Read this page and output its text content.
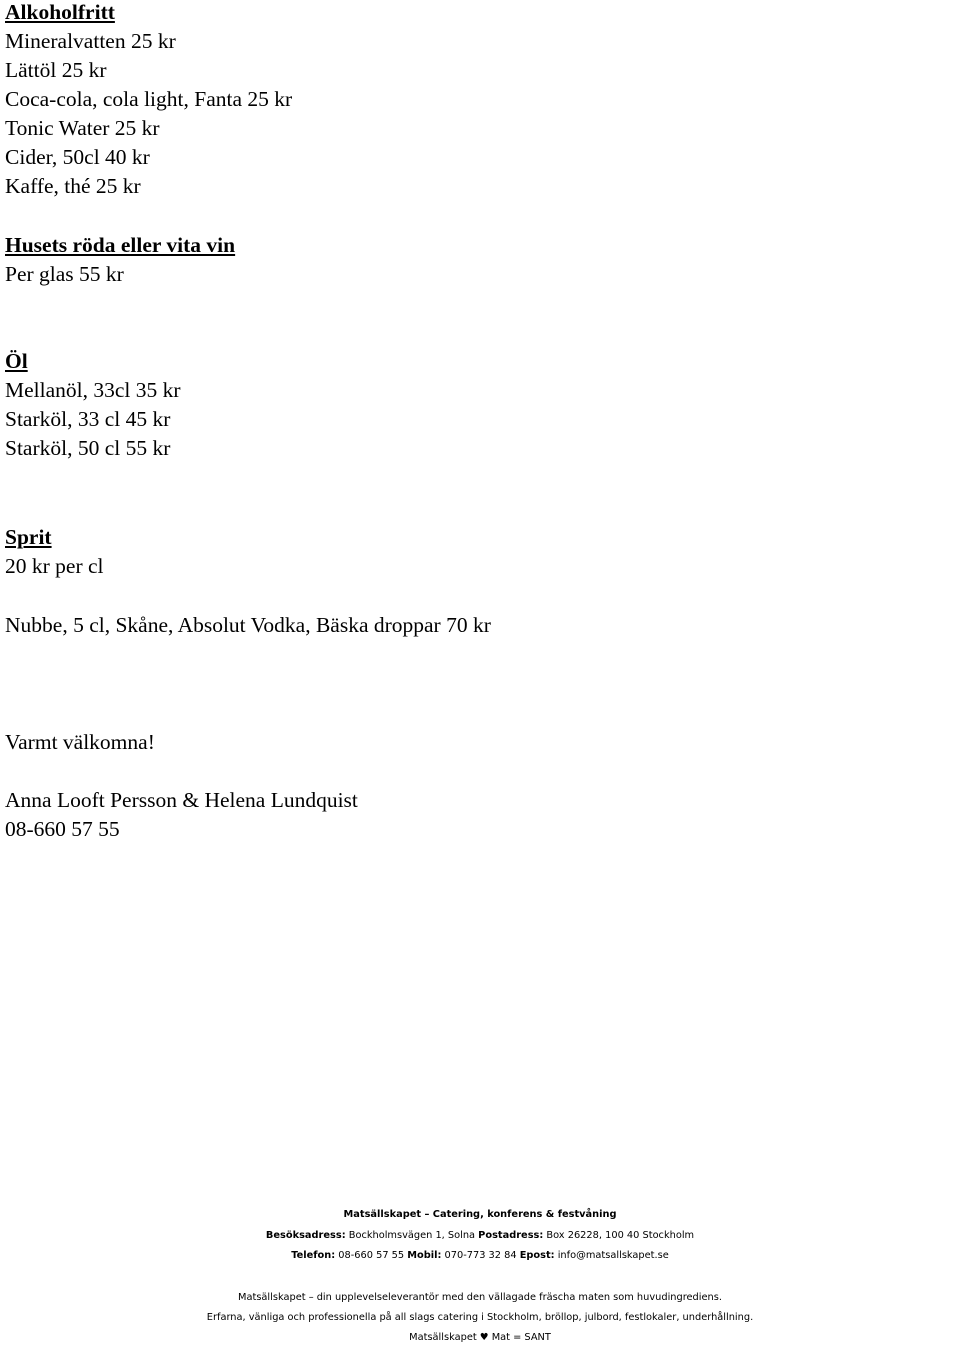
Alkoholfritt
Mineralvatten 25 kr
Lättöl 25 kr
Coca-cola, cola light, Fanta 25 kr
Tonic Water 25 kr
Cider, 50cl 40 kr
Kaffe, thé 25 kr
Husets röda eller vita vin
Per glas 55 kr
Öl
Mellanöl, 33cl 35 kr
Starköl, 33 cl 45 kr
Starköl, 50 cl 55 kr
Sprit
20 kr per cl
Nubbe, 5 cl, Skåne, Absolut Vodka, Bäska droppar 70 kr
Varmt välkomna!
Anna Looft Persson & Helena Lundquist
08-660 57 55
Matsällskapet – Catering, konferens & festvåning
Besöksadress: Bockholmsvägen 1, Solna Postadress: Box 26228, 100 40 Stockholm
Telefon: 08-660 57 55 Mobil: 070-773 32 84 Epost: info@matsallskapet.se
Matsällskapet – din upplevelseleverantör med den vällagade fräscha maten som huvudingrediens.
Erfarna, vänliga och professionella på all slags catering i Stockholm, bröllop, julbord, festlokaler, underhållning.
Matsällskapet ♥ Mat = SANT
